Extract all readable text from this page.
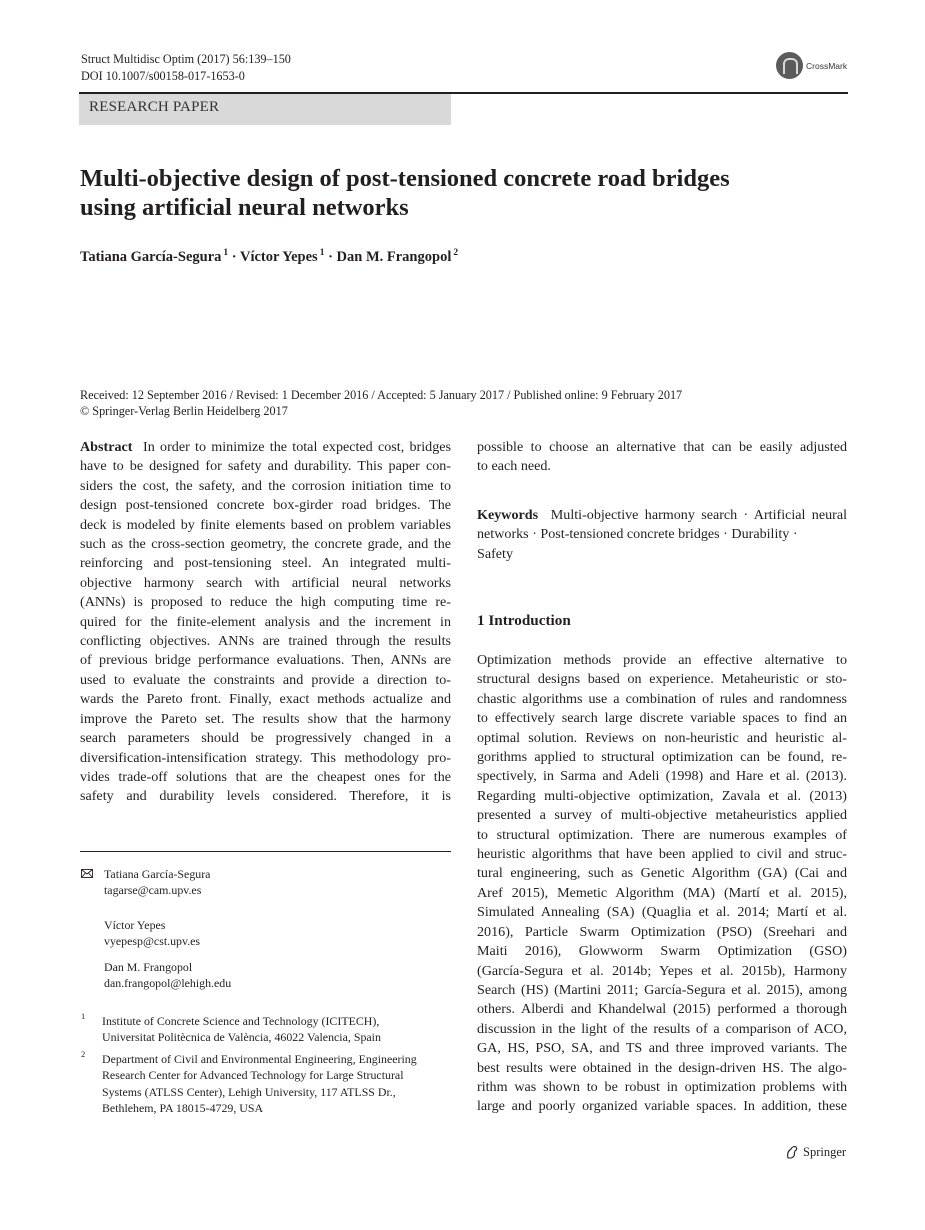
Struct Multidisc Optim (2017) 56:139–150
DOI 10.1007/s00158-017-1653-0
CrossMark
RESEARCH PAPER
Multi-objective design of post-tensioned concrete road bridges
using artificial neural networks
Tatiana García-Segura $^1$ · Víctor Yepes $^1$ · Dan M. Frangopol $^2$
Received: 12 September 2016 / Revised: 1 December 2016 / Accepted: 5 January 2017 / Published online: 9 February 2017
© Springer-Verlag Berlin Heidelberg 2017
Abstract In order to minimize the total expected cost, bridges
have to be designed for safety and durability. This paper con-
siders the cost, the safety, and the corrosion initiation time to
design post-tensioned concrete box-girder road bridges. The
deck is modeled by finite elements based on problem variables
such as the cross-section geometry, the concrete grade, and the
reinforcing and post-tensioning steel. An integrated multi-
objective harmony search with artificial neural networks
(ANNs) is proposed to reduce the high computing time re-
quired for the finite-element analysis and the increment in
conflicting objectives. ANNs are trained through the results
of previous bridge performance evaluations. Then, ANNs are
used to evaluate the constraints and provide a direction to-
wards the Pareto front. Finally, exact methods actualize and
improve the Pareto set. The results show that the harmony
search parameters should be progressively changed in a
diversification-intensification strategy. This methodology pro-
vides trade-off solutions that are the cheapest ones for the
safety and durability levels considered. Therefore, it is
possible to choose an alternative that can be easily adjusted
to each need.
Keywords Multi-objective harmony search · Artificial neural
networks · Post-tensioned concrete bridges · Durability ·
Safety
1 Introduction
Optimization methods provide an effective alternative to
structural designs based on experience. Metaheuristic or sto-
chastic algorithms use a combination of rules and randomness
to effectively search large discrete variable spaces to find an
optimal solution. Reviews on non-heuristic and heuristic al-
gorithms applied to structural optimization can be found, re-
spectively, in Sarma and Adeli (1998) and Hare et al. (2013).
Regarding multi-objective optimization, Zavala et al. (2013)
presented a survey of multi-objective metaheuristics applied
to structural optimization. There are numerous examples of
heuristic algorithms that have been applied to civil and struc-
tural engineering, such as Genetic Algorithm (GA) (Cai and
Aref 2015), Memetic Algorithm (MA) (Martí et al. 2015),
Simulated Annealing (SA) (Quaglia et al. 2014; Martí et al.
2016), Particle Swarm Optimization (PSO) (Sreehari and
Maiti 2016), Glowworm Swarm Optimization (GSO)
(García-Segura et al. 2014b; Yepes et al. 2015b), Harmony
Search (HS) (Martini 2011; García-Segura et al. 2015), among
others. Alberdi and Khandelwal (2015) performed a thorough
discussion in the light of the results of a comparison of ACO,
GA, HS, PSO, SA, and TS and three improved variants. The
best results were obtained in the design-driven HS. The algo-
rithm was shown to be robust in optimization problems with
large and poorly organized variable spaces. In addition, these
Tatiana García-Segura
tagarse@cam.upv.es
Víctor Yepes
vyepesp@cst.upv.es
Dan M. Frangopol
dan.frangopol@lehigh.edu
1 Institute of Concrete Science and Technology (ICITECH),
Universitat Politècnica de València, 46022 Valencia, Spain
2 Department of Civil and Environmental Engineering, Engineering
Research Center for Advanced Technology for Large Structural
Systems (ATLSS Center), Lehigh University, 117 ATLSS Dr.,
Bethlehem, PA 18015-4729, USA
Springer
